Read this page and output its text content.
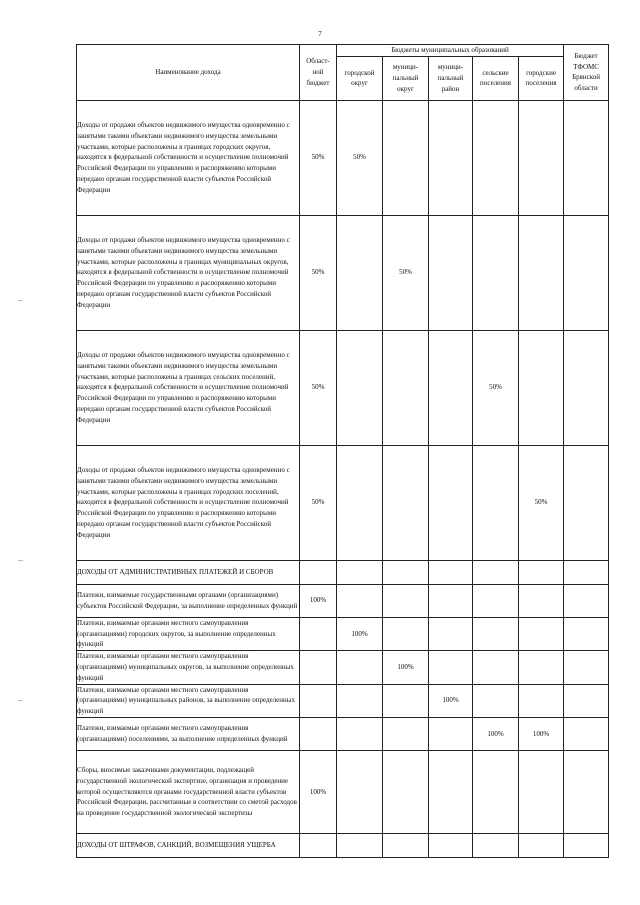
7
Наименование дохода	Област-
ной
бюджет	Бюджеты муниципальных образований					Бюджет
ТФОМС
Брянской
области
		городской
округ	муници-
пальный
округ	муници-
пальный
район	сельские
поселения	городские
поселения	
Доходы от продажи объектов недвижимого имущества одновременно с занятыми такими объектами недвижимого имущества земельными участками, которые расположены в границах городских округов, находятся в федеральной собственности и осуществление полномочий Российской Федерации по управлению и распоряжению которыми передано органам государственной власти субъектов Российской Федерации	50%	50%					
Доходы от продажи объектов недвижимого имущества одновременно с занятыми такими объектами недвижимого имущества земельными участками, которые расположены в границах муниципальных округов, находятся в федеральной собственности и осуществление полномочий Российской Федерации по управлению и распоряжению которыми передано органам государственной власти субъектов Российской Федерации	50%		50%				
Доходы от продажи объектов недвижимого имущества одновременно с занятыми такими объектами недвижимого имущества земельными участками, которые расположены в границах сельских поселений, находятся в федеральной собственности и осуществление полномочий Российской Федерации по управлению и распоряжению которыми передано органам государственной власти субъектов Российской Федерации	50%				50%		
Доходы от продажи объектов недвижимого имущества одновременно с занятыми такими объектами недвижимого имущества земельными участками, которые расположены в границах городских поселений, находятся в федеральной собственности и осуществление полномочий Российской Федерации по управлению и распоряжению которыми передано органам государственной власти субъектов Российской Федерации	50%					50%	
ДОХОДЫ ОТ АДМИНИСТРАТИВНЫХ ПЛАТЕЖЕЙ И СБОРОВ							
Платежи, взимаемые государственными органами (организациями) субъектов Российской Федерации, за выполнение определенных функций	100%						
Платежи, взимаемые органами местного самоуправления (организациями) городских округов, за выполнение определенных функций		100%					
Платежи, взимаемые органами местного самоуправления (организациями) муниципальных округов, за выполнение определенных функций			100%				
Платежи, взимаемые органами местного самоуправления (организациями) муниципальных районов, за выполнение определенных функций				100%			
Платежи, взимаемые органами местного самоуправления (организациями) поселениями, за выполнение определенных функций					100%	100%	
Сборы, вносимые заказчиками документации, подлежащей государственной экологической экспертизе, организация и проведение которой осуществляются органами государственной власти субъектов Российской Федерации, рассчитанные в соответствии со сметой расходов на проведение государственной экологической экспертизы	100%						
ДОХОДЫ ОТ ШТРАФОВ, САНКЦИЙ, ВОЗМЕЩЕНИЯ УЩЕРБА							
